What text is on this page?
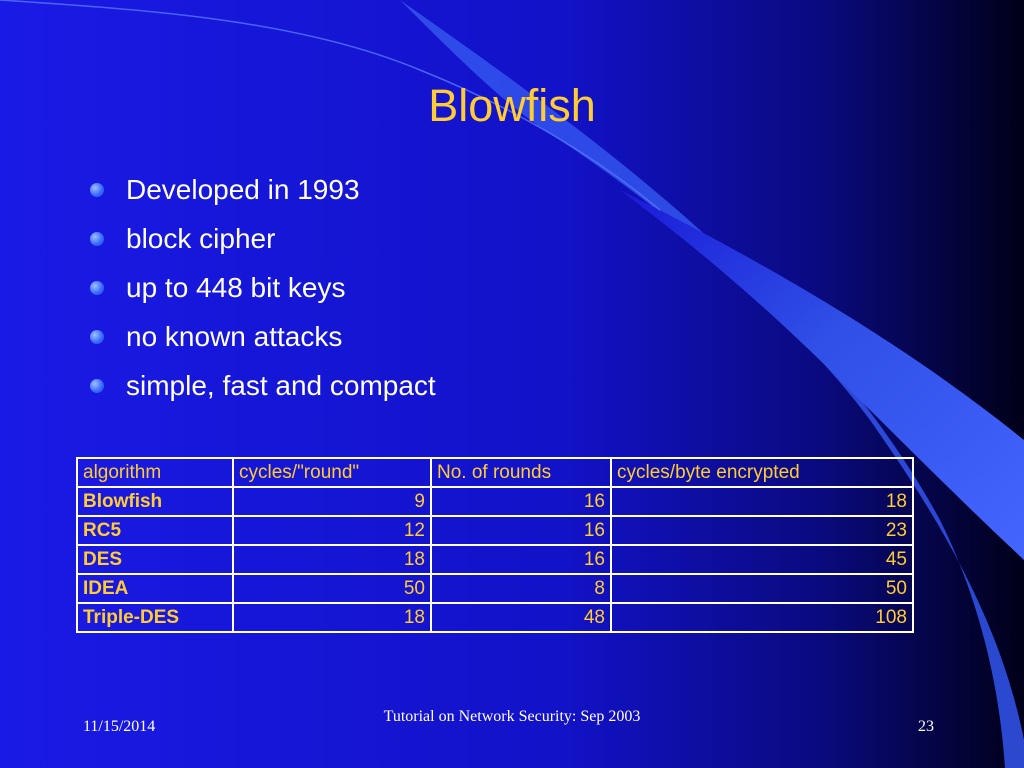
Blowfish
Developed in 1993
block cipher
up to 448 bit keys
no known attacks
simple, fast and compact
algorithm	cycles/"round"	No. of rounds	cycles/byte encrypted
Blowfish	9	16	18
RC5	12	16	23
DES	18	16	45
IDEA	50	8	50
Triple-DES	18	48	108
11/15/2014
Tutorial on Network Security: Sep 2003
23
